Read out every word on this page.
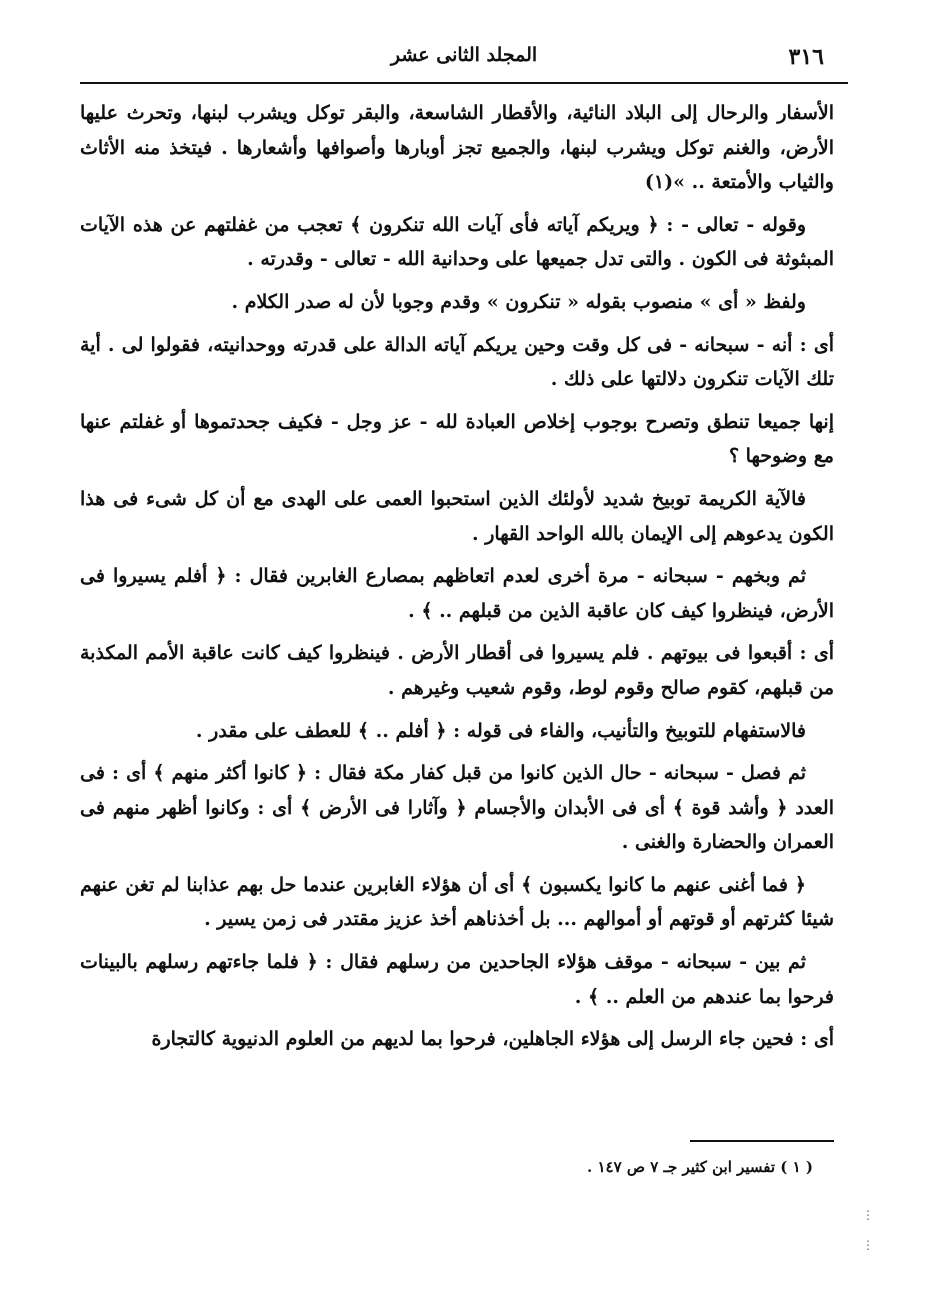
٣١٦
المجلد الثانى عشر

الأسفار والرحال إلى البلاد النائية، والأقطار الشاسعة، والبقر توكل ويشرب لبنها، وتحرث عليها الأرض، والغنم توكل ويشرب لبنها، والجميع تجز أوبارها وأصوافها وأشعارها . فيتخذ منه الأثاث والثياب والأمتعة .. »(١)

وقوله - تعالى - : ﴿ ويريكم آياته فأى آيات الله تنكرون ﴾ تعجب من غفلتهم عن هذه الآيات المبثوثة فى الكون . والتى تدل جميعها على وحدانية الله - تعالى - وقدرته .

ولفظ « أى » منصوب بقوله « تنكرون » وقدم وجوبا لأن له صدر الكلام .

أى : أنه - سبحانه - فى كل وقت وحين يريكم آياته الدالة على قدرته ووحدانيته، فقولوا لى . أية تلك الآيات تنكرون دلالتها على ذلك .

إنها جميعا تنطق وتصرح بوجوب إخلاص العبادة لله - عز وجل - فكيف جحدتموها أو غفلتم عنها مع وضوحها ؟

فالآية الكريمة توبيخ شديد لأولئك الذين استحبوا العمى على الهدى مع أن كل شىء فى هذا الكون يدعوهم إلى الإيمان بالله الواحد القهار .

ثم وبخهم - سبحانه - مرة أخرى لعدم اتعاظهم بمصارع الغابرين فقال : ﴿ أفلم يسيروا فى الأرض، فينظروا كيف كان عاقبة الذين من قبلهم .. ﴾ .

أى : أقبعوا فى بيوتهم . فلم يسيروا فى أقطار الأرض . فينظروا كيف كانت عاقبة الأمم المكذبة من قبلهم، كقوم صالح وقوم لوط، وقوم شعيب وغيرهم .

فالاستفهام للتوبيخ والتأنيب، والفاء فى قوله : ﴿ أفلم .. ﴾ للعطف على مقدر .

ثم فصل - سبحانه - حال الذين كانوا من قبل كفار مكة فقال : ﴿ كانوا أكثر منهم ﴾ أى : فى العدد ﴿ وأشد قوة ﴾ أى فى الأبدان والأجسام ﴿ وآثارا فى الأرض ﴾ أى : وكانوا أظهر منهم فى العمران والحضارة والغنى .

﴿ فما أغنى عنهم ما كانوا يكسبون ﴾ أى أن هؤلاء الغابرين عندما حل بهم عذابنا لم تغن عنهم شيئا كثرتهم أو قوتهم أو أموالهم ... بل أخذناهم أخذ عزيز مقتدر فى زمن يسير .

ثم بين - سبحانه - موقف هؤلاء الجاحدين من رسلهم فقال : ﴿ فلما جاءتهم رسلهم بالبينات فرحوا بما عندهم من العلم .. ﴾ .

أى : فحين جاء الرسل إلى هؤلاء الجاهلين، فرحوا بما لديهم من العلوم الدنيوية كالتجارة

( ١ ) تفسير ابن كثير جـ ٧ ص ١٤٧ .
⋮
⋮
